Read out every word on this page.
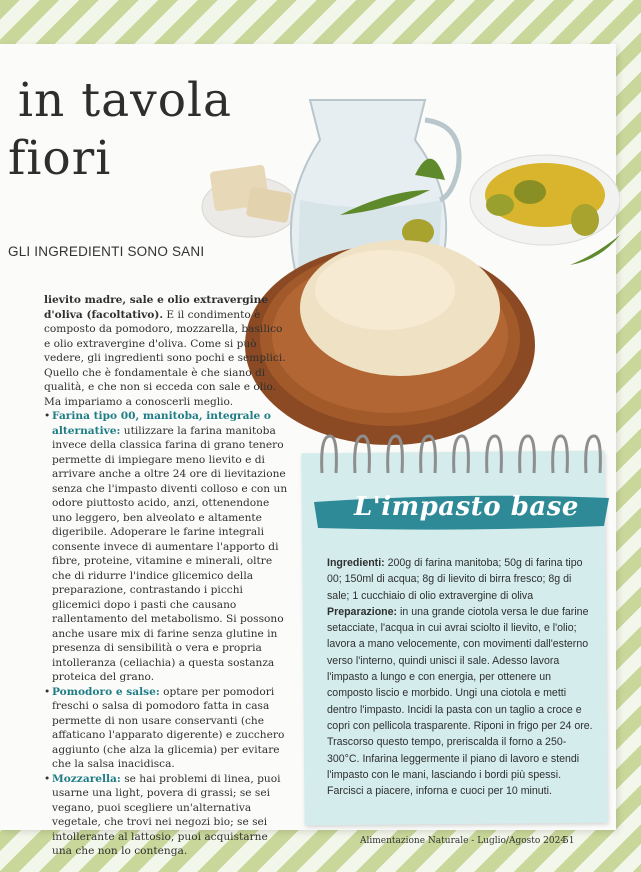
in tavola
fiori
GLI INGREDIENTI SONO SANI

lievito madre, sale e olio extravergine d'oliva (facoltativo). E il condimento è composto da pomodoro, mozzarella, basilico e olio extravergine d'oliva. Come si può vedere, gli ingredienti sono pochi e semplici. Quello che è fondamentale è che siano di qualità, e che non si ecceda con sale e olio. Ma impariamo a conoscerli meglio.

• Farina tipo 00, manitoba, integrale o alternative: utilizzare la farina manitoba invece della classica farina di grano tenero permette di impiegare meno lievito e di arrivare anche a oltre 24 ore di lievitazione senza che l'impasto diventi colloso e con un odore piuttosto acido, anzi, ottenendone uno leggero, ben alveolato e altamente digeribile. Adoperare le farine integrali consente invece di aumentare l'apporto di fibre, proteine, vitamine e minerali, oltre che di ridurre l'indice glicemico della preparazione, contrastando i picchi glicemici dopo i pasti che causano rallentamento del metabolismo. Si possono anche usare mix di farine senza glutine in presenza di sensibilità o vera e propria intolleranza (celiachia) a questa sostanza proteica del grano.

• Pomodoro e salse: optare per pomodori freschi o salsa di pomodoro fatta in casa permette di non usare conservanti (che affaticano l'apparato digerente) e zucchero aggiunto (che alza la glicemia) per evitare che la salsa inacidisca.

• Mozzarella: se hai problemi di linea, puoi usarne una light, povera di grassi; se sei vegano, puoi scegliere un'alternativa vegetale, che trovi nei negozi bio; se sei intollerante al lattosio, puoi acquistarne una che non lo contenga.

L'impasto base

Ingredienti: 200g di farina manitoba; 50g di farina tipo 00; 150ml di acqua; 8g di lievito di birra fresco; 8g di sale; 1 cucchiaio di olio extravergine di oliva

Preparazione: in una grande ciotola versa le due farine setacciate, l'acqua in cui avrai sciolto il lievito, e l'olio; lavora a mano velocemente, con movimenti dall'esterno verso l'interno, quindi unisci il sale. Adesso lavora l'impasto a lungo e con energia, per ottenere un composto liscio e morbido. Ungi una ciotola e metti dentro l'impasto. Incidi la pasta con un taglio a croce e copri con pellicola trasparente. Riponi in frigo per 24 ore. Trascorso questo tempo, preriscalda il forno a 250-300°C. Infarina leggermente il piano di lavoro e stendi l'impasto con le mani, lasciando i bordi più spessi. Farcisci a piacere, inforna e cuoci per 10 minuti.

Alimentazione Naturale - Luglio/Agosto 2024
51
